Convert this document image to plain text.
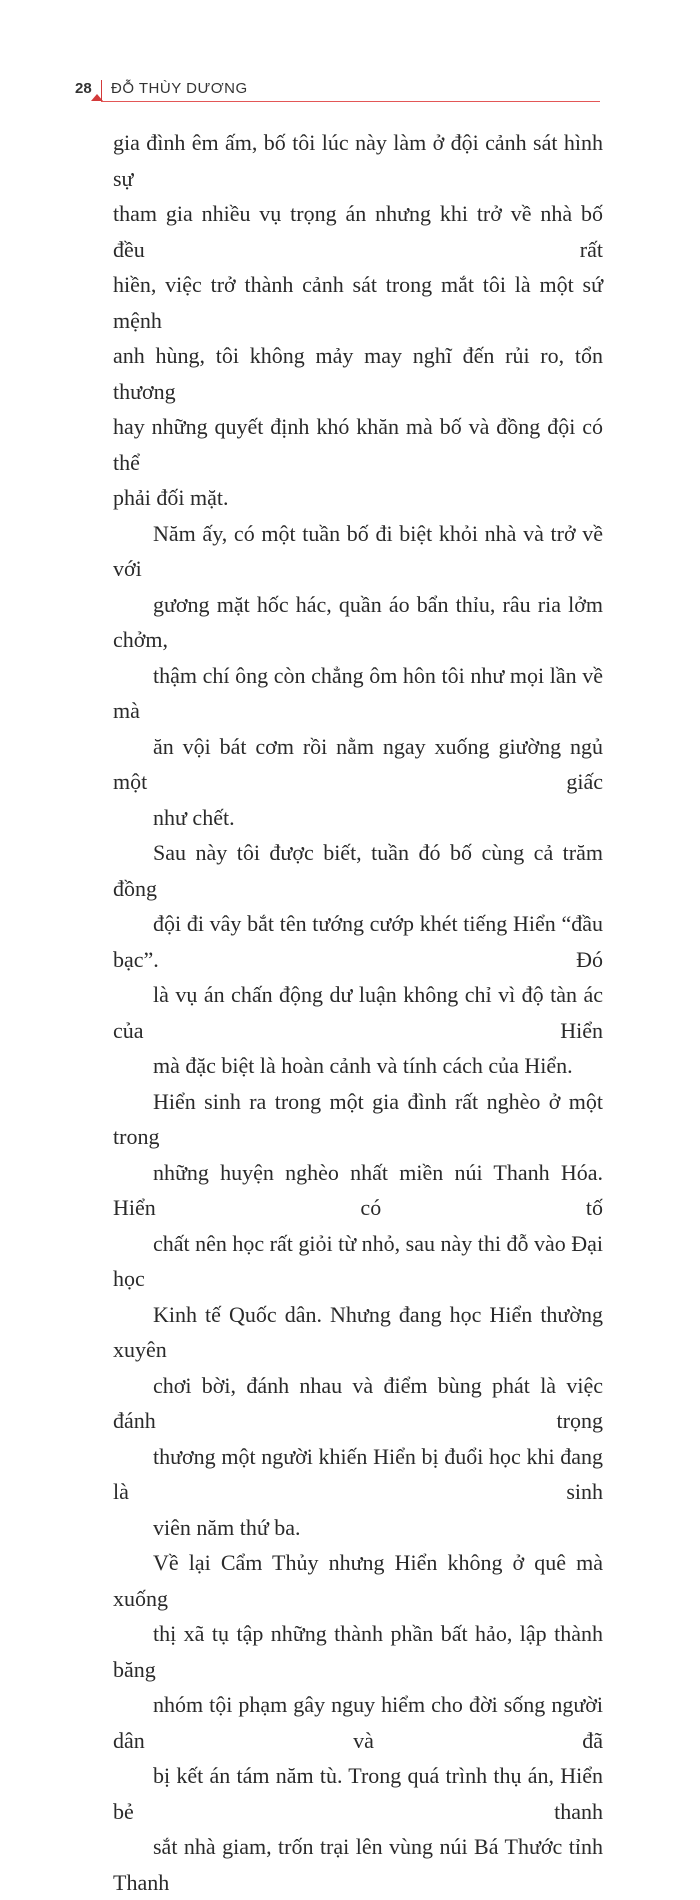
28 ĐỖ THÙY DƯƠNG

gia đình êm ấm, bố tôi lúc này làm ở đội cảnh sát hình sự
tham gia nhiều vụ trọng án nhưng khi trở về nhà bố đều rất
hiền, việc trở thành cảnh sát trong mắt tôi là một sứ mệnh
anh hùng, tôi không mảy may nghĩ đến rủi ro, tổn thương
hay những quyết định khó khăn mà bố và đồng đội có thể
phải đối mặt.

Năm ấy, có một tuần bố đi biệt khỏi nhà và trở về với
gương mặt hốc hác, quần áo bẩn thỉu, râu ria lởm chởm,
thậm chí ông còn chẳng ôm hôn tôi như mọi lần về mà
ăn vội bát cơm rồi nằm ngay xuống giường ngủ một giấc
như chết.

Sau này tôi được biết, tuần đó bố cùng cả trăm đồng
đội đi vây bắt tên tướng cướp khét tiếng Hiển “đầu bạc”. Đó
là vụ án chấn động dư luận không chỉ vì độ tàn ác của Hiển
mà đặc biệt là hoàn cảnh và tính cách của Hiển.

Hiển sinh ra trong một gia đình rất nghèo ở một trong
những huyện nghèo nhất miền núi Thanh Hóa. Hiển có tố
chất nên học rất giỏi từ nhỏ, sau này thi đỗ vào Đại học
Kinh tế Quốc dân. Nhưng đang học Hiển thường xuyên
chơi bời, đánh nhau và điểm bùng phát là việc đánh trọng
thương một người khiến Hiển bị đuổi học khi đang là sinh
viên năm thứ ba.

Về lại Cẩm Thủy nhưng Hiển không ở quê mà xuống
thị xã tụ tập những thành phần bất hảo, lập thành băng
nhóm tội phạm gây nguy hiểm cho đời sống người dân và đã
bị kết án tám năm tù. Trong quá trình thụ án, Hiển bẻ thanh
sắt nhà giam, trốn trại lên vùng núi Bá Thước tỉnh Thanh
